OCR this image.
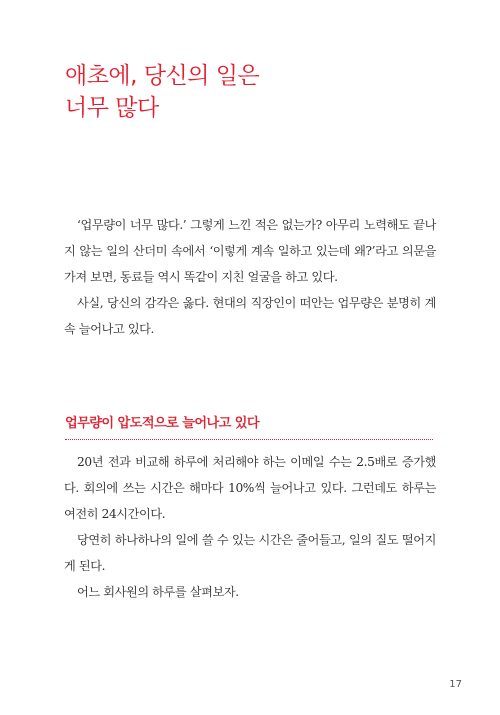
애초에, 당신의 일은
너무 많다

‘업무량이 너무 많다.’ 그렇게 느낀 적은 없는가? 아무리 노력해도 끝나지 않는 일의 산더미 속에서 ‘이렇게 계속 일하고 있는데 왜?’라고 의문을 가져 보면, 동료들 역시 똑같이 지친 얼굴을 하고 있다.

사실, 당신의 감각은 옳다. 현대의 직장인이 떠안는 업무량은 분명히 계속 늘어나고 있다.

업무량이 압도적으로 늘어나고 있다

20년 전과 비교해 하루에 처리해야 하는 이메일 수는 2.5배로 증가했다. 회의에 쓰는 시간은 해마다 10%씩 늘어나고 있다. 그런데도 하루는 여전히 24시간이다.

당연히 하나하나의 일에 쓸 수 있는 시간은 줄어들고, 일의 질도 떨어지게 된다.

어느 회사원의 하루를 살펴보자.

17
